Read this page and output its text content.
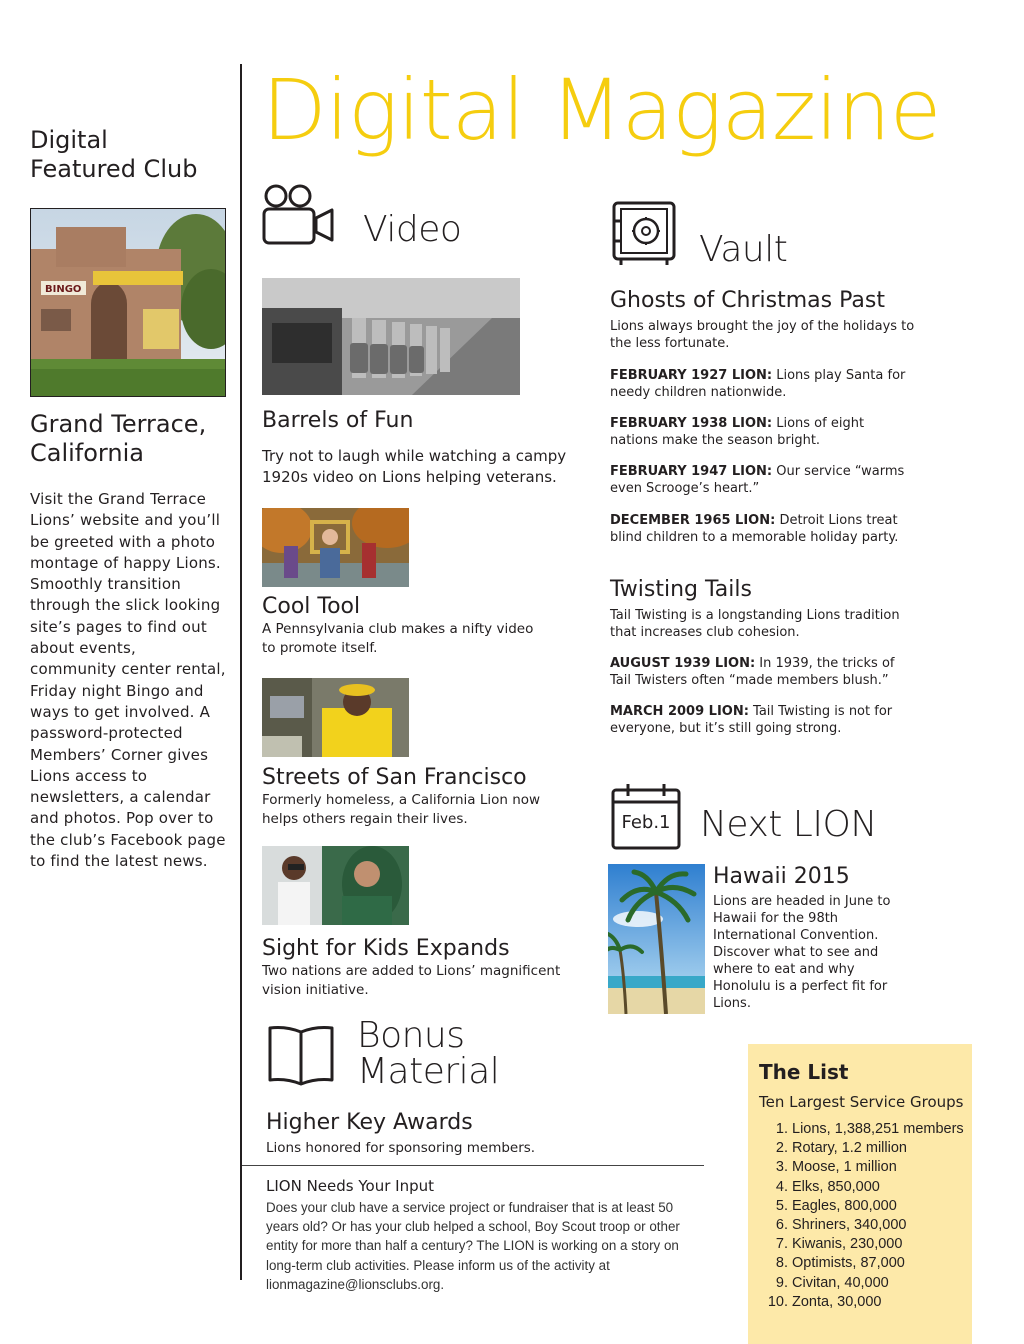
Digital
Featured Club
BINGO
Grand Terrace,
California
Visit the Grand Terrace Lions’ website and you’ll be greeted with a photo montage of happy Lions. Smoothly transition through the slick looking site’s pages to find out about events, community center rental, Friday night Bingo and ways to get involved. A password-protected Members’ Corner gives Lions access to newsletters, a calendar and photos. Pop over to the club’s Facebook page to find the latest news.
Digital Magazine
Video
Barrels of Fun
Try not to laugh while watching a campy 1920s video on Lions helping veterans.
Cool Tool
A Pennsylvania club makes a nifty video to promote itself.
Streets of San Francisco
Formerly homeless, a California Lion now helps others regain their lives.
Sight for Kids Expands
Two nations are added to Lions’ magnificent vision initiative.
Bonus
Material
Higher Key Awards
Lions honored for sponsoring members.
LION Needs Your Input
Does your club have a service project or fundraiser that is at least 50 years old? Or has your club helped a school, Boy Scout troop or other entity for more than half a century? The LION is working on a story on long-term club activities. Please inform us of the activity at lionmagazine@lionsclubs.org.
Vault
Ghosts of Christmas Past
Lions always brought the joy of the holidays to the less fortunate.
FEBRUARY 1927 LION: Lions play Santa for needy children nationwide.
FEBRUARY 1938 LION: Lions of eight nations make the season bright.
FEBRUARY 1947 LION: Our service “warms even Scrooge’s heart.”
DECEMBER 1965 LION: Detroit Lions treat blind children to a memorable holiday party.
Twisting Tails
Tail Twisting is a longstanding Lions tradition that increases club cohesion.
AUGUST 1939 LION: In 1939, the tricks of Tail Twisters often “made members blush.”
MARCH 2009 LION: Tail Twisting is not for everyone, but it’s still going strong.
Feb.1 Next LION
Hawaii 2015
Lions are headed in June to Hawaii for the 98th International Convention. Discover what to see and where to eat and why Honolulu is a perfect fit for Lions.
The List
Ten Largest Service Groups
1. Lions, 1,388,251 members
2. Rotary, 1.2 million
3. Moose, 1 million
4. Elks, 850,000
5. Eagles, 800,000
6. Shriners, 340,000
7. Kiwanis, 230,000
8. Optimists, 87,000
9. Civitan, 40,000
10. Zonta, 30,000
